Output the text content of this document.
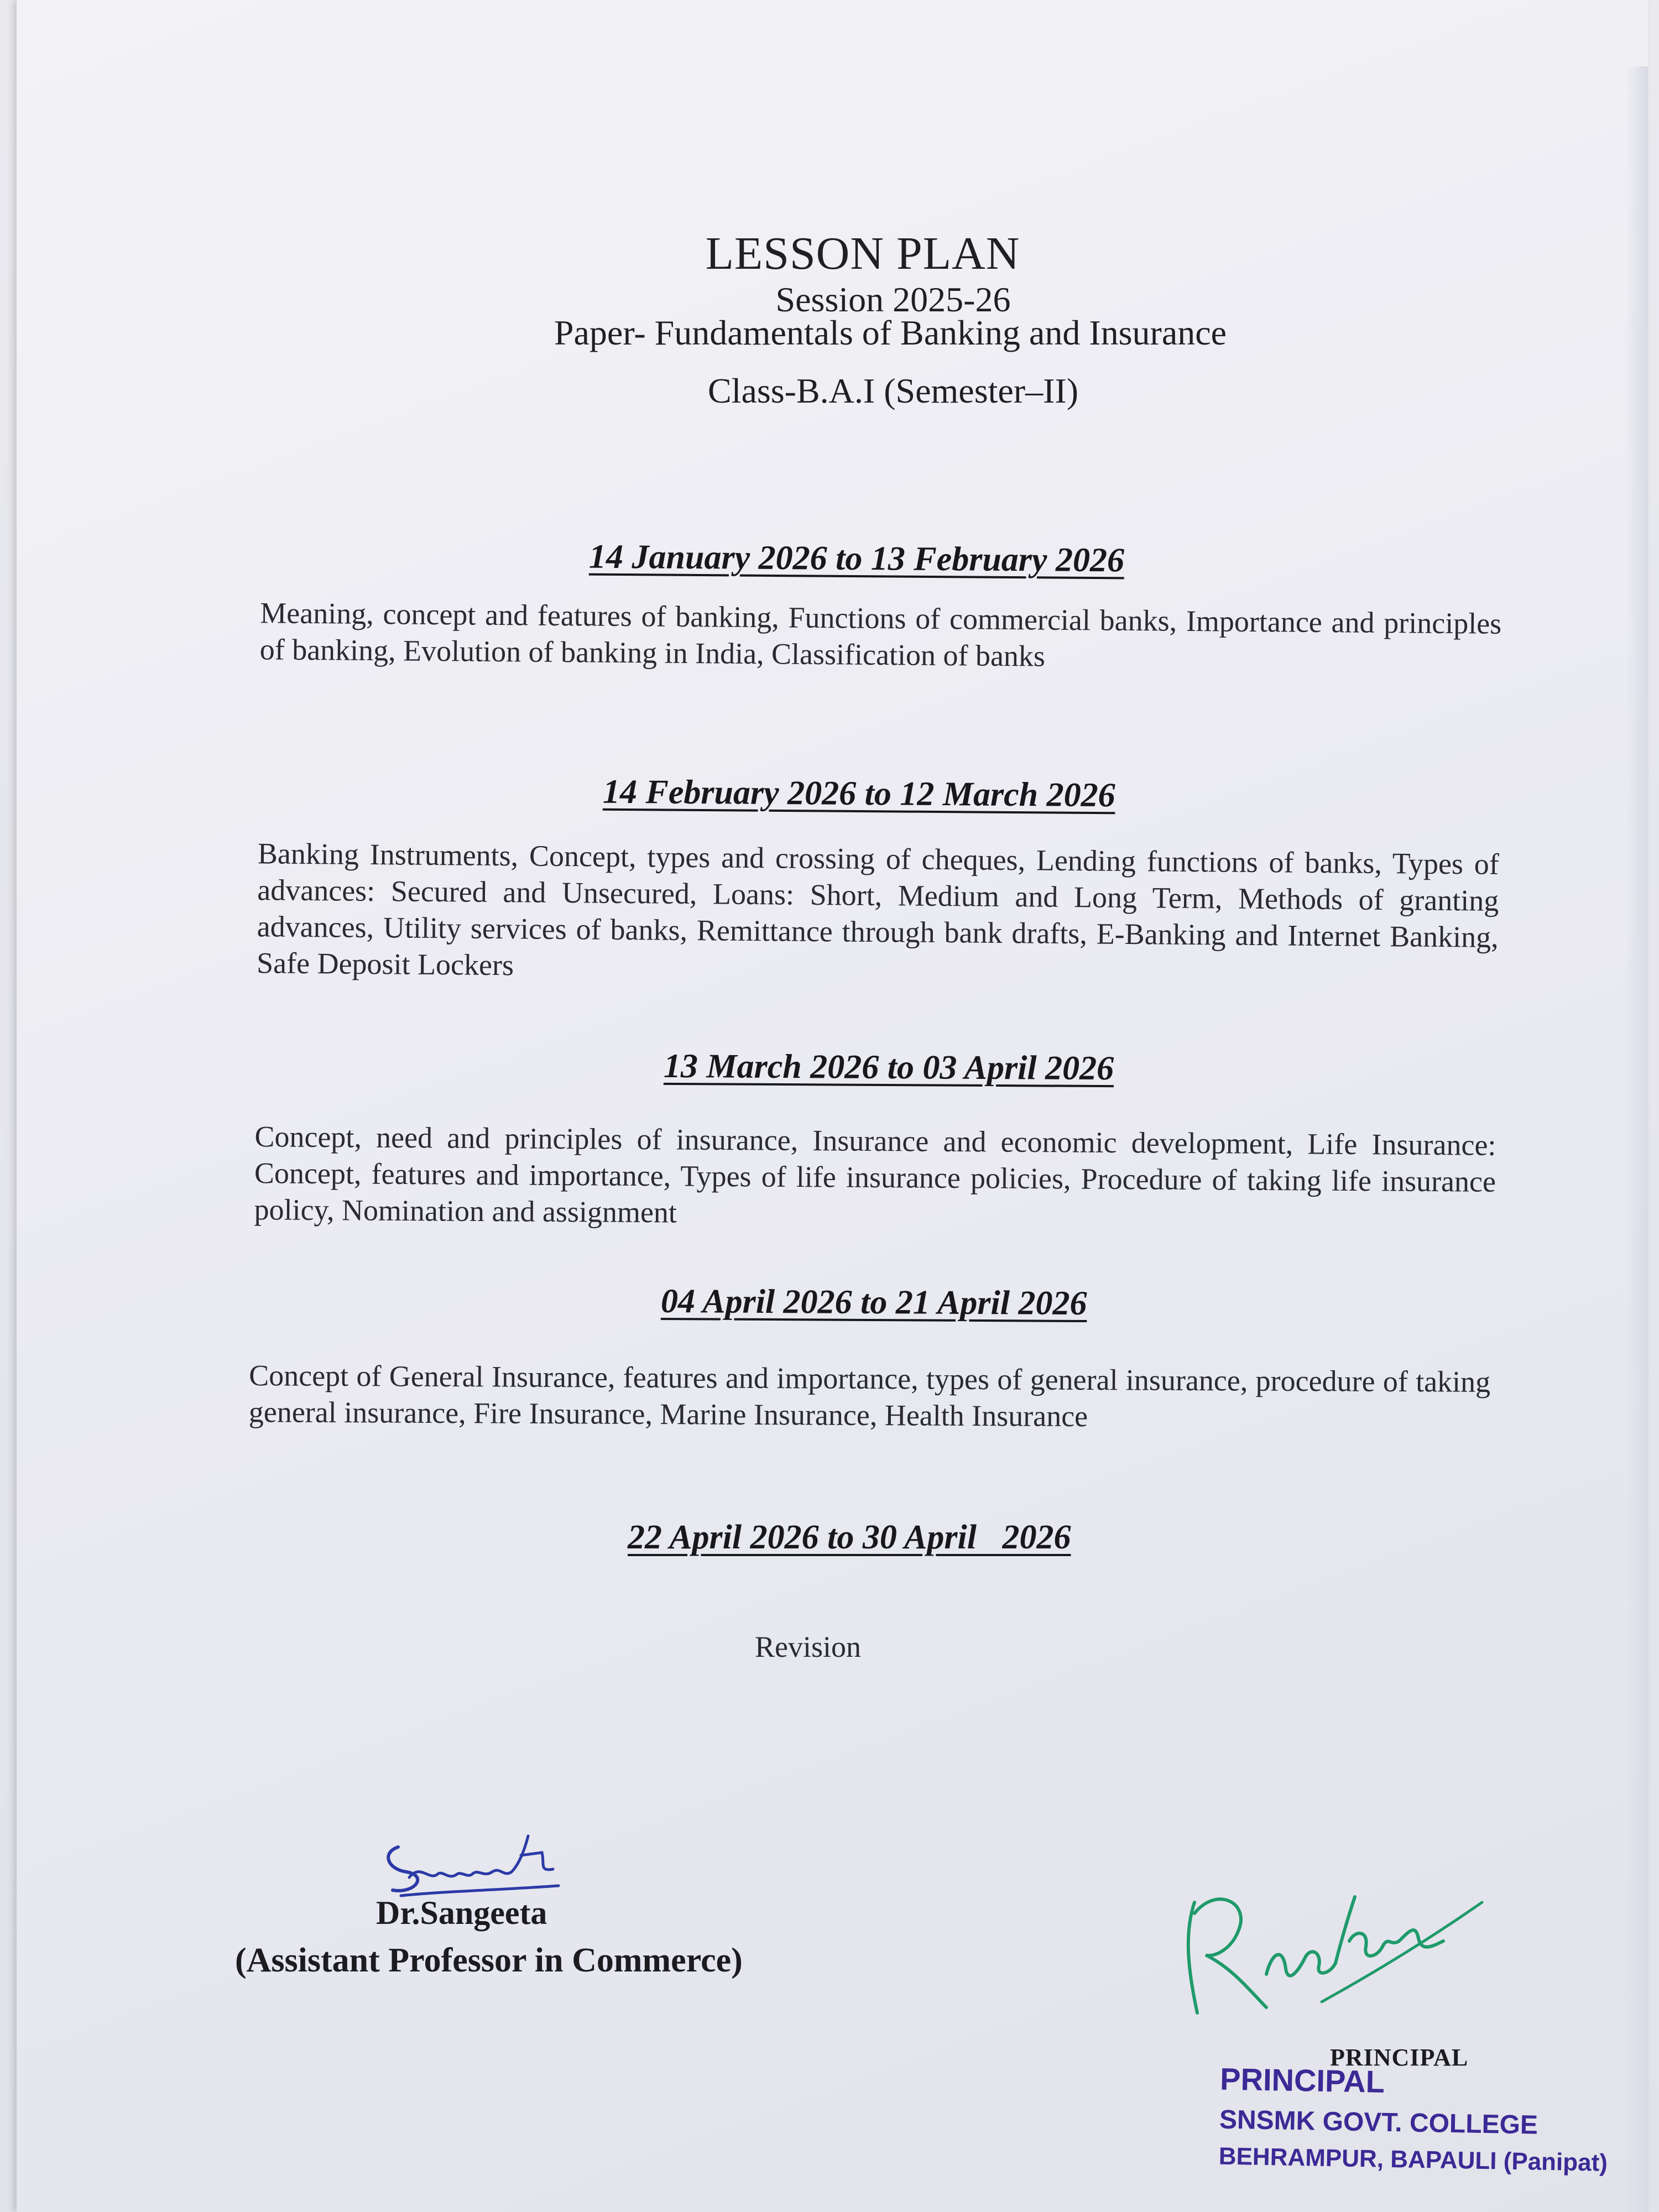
LESSON PLAN
Session 2025-26
Paper- Fundamentals of Banking and Insurance
Class-B.A.I (Semester–II)
14 January 2026 to 13 February 2026
Meaning, concept and features of banking, Functions of commercial banks, Importance and principles of banking, Evolution of banking in India, Classification of banks
14 February 2026 to 12 March 2026
Banking Instruments, Concept, types and crossing of cheques, Lending functions of banks, Types of advances: Secured and Unsecured, Loans: Short, Medium and Long Term, Methods of granting advances, Utility services of banks, Remittance through bank drafts, E-Banking and Internet Banking, Safe Deposit Lockers
13 March 2026 to 03 April 2026
Concept, need and principles of insurance, Insurance and economic development, Life Insurance: Concept, features and importance, Types of life insurance policies, Procedure of taking life insurance policy, Nomination and assignment
04 April 2026 to 21 April 2026
Concept of General Insurance, features and importance, types of general insurance, procedure of taking general insurance, Fire Insurance, Marine Insurance, Health Insurance
22 April 2026 to 30 April   2026
Revision
Dr.Sangeeta
(Assistant Professor in Commerce)
PRINCIPAL
PRINCIPAL
SNSMK GOVT. COLLEGE
BEHRAMPUR, BAPAULI (Panipat)
